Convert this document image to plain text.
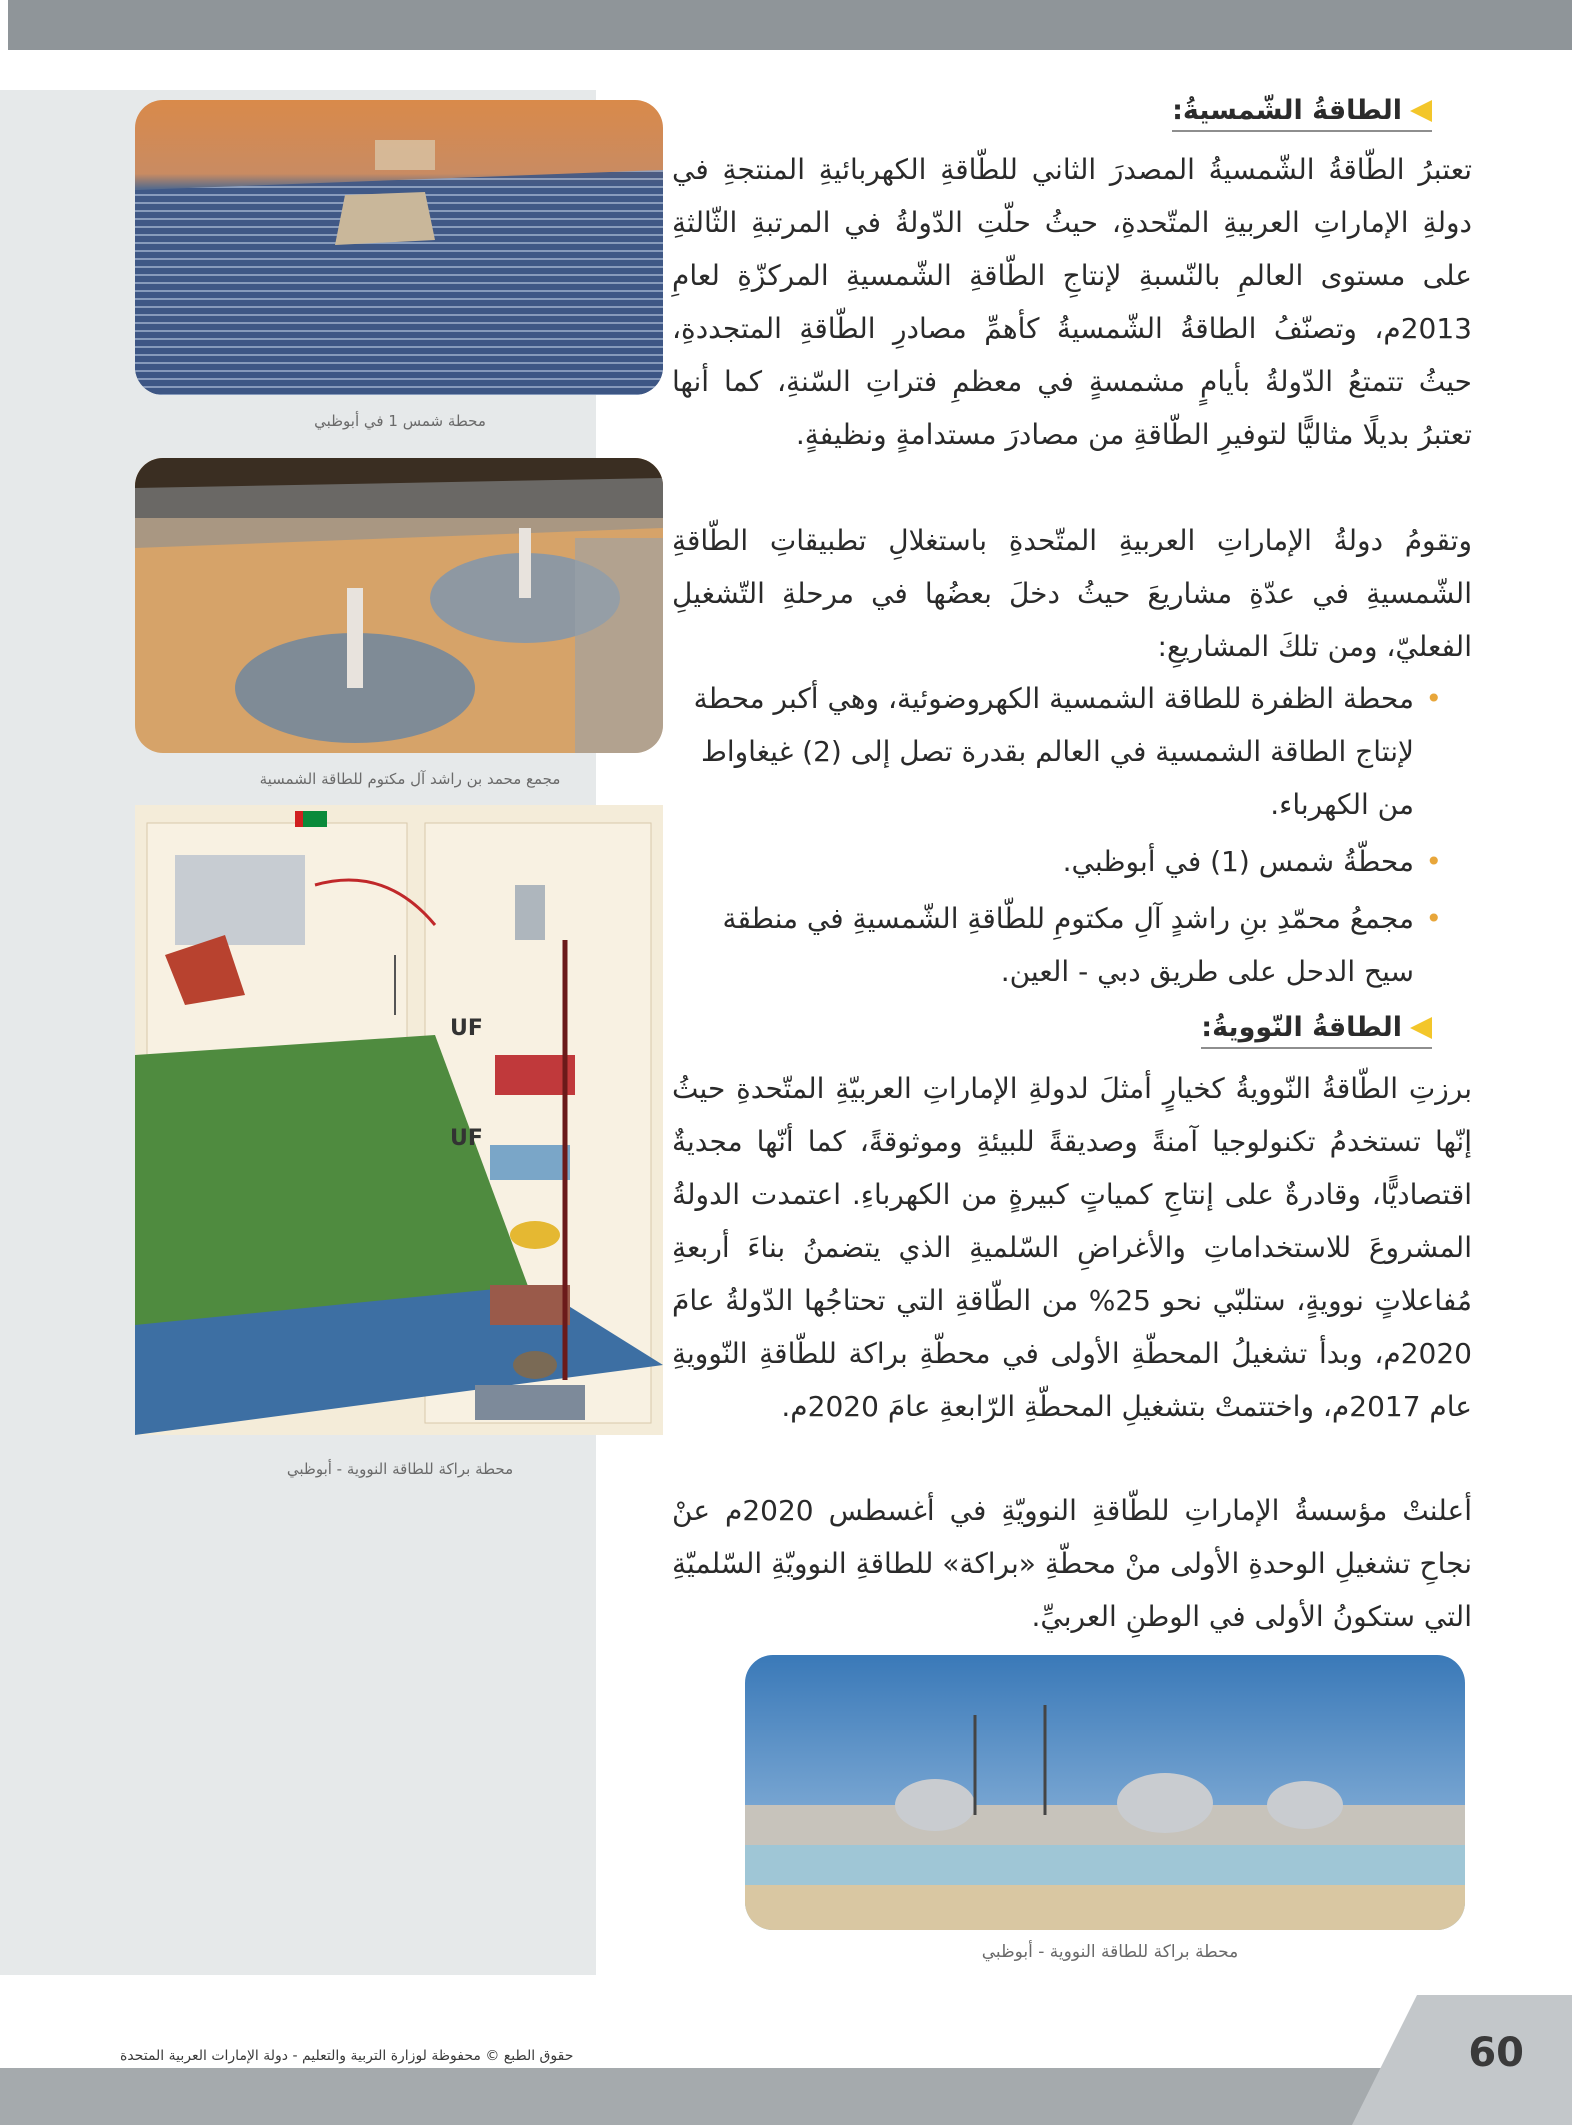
محطة شمس 1 في أبوظبي
مجمع محمد بن راشد آل مكتوم للطاقة الشمسية
UF
UF
محطة براكة للطاقة النووية - أبوظبي
محطة براكة للطاقة النووية - أبوظبي
الطاقةُ الشّمسيةُ:

تعتبرُ الطّاقةُ الشّمسيةُ المصدرَ الثاني للطّاقةِ الكهربائيةِ المنتجةِ في دولةِ الإماراتِ العربيةِ المتّحدةِ، حيثُ حلّتِ الدّولةُ في المرتبةِ الثّالثةِ على مستوى العالمِ بالنّسبةِ لإنتاجِ الطّاقةِ الشّمسيةِ المركزّةِ لعامِ 2013م، وتصنّفُ الطاقةُ الشّمسيةُ كأهمِّ مصادرِ الطّاقةِ المتجددةِ، حيثُ تتمتعُ الدّولةُ بأيامٍ مشمسةٍ في معظمِ فتراتِ السّنةِ، كما أنها تعتبرُ بديلًا مثاليًّا لتوفيرِ الطّاقةِ من مصادرَ مستدامةٍ ونظيفةٍ.

وتقومُ دولةُ الإماراتِ العربيةِ المتّحدةِ باستغلالِ تطبيقاتِ الطّاقةِ الشّمسيةِ في عدّةِ مشاريعَ حيثُ دخلَ بعضُها في مرحلةِ التّشغيلِ الفعليّ، ومن تلكَ المشاريعِ:

•
محطة الظفرة للطاقة الشمسية الكهروضوئية، وهي أكبر محطة لإنتاج الطاقة الشمسية في العالم بقدرة تصل إلى (2) غيغاواط من الكهرباء.
•
محطّةُ شمس (1) في أبوظبي.
•
مجمعُ محمّدِ بنِ راشدٍ آلِ مكتومِ للطّاقةِ الشّمسيةِ في منطقة سيح الدحل على طريق دبي - العين.
الطاقةُ النّوويةُ:

برزتِ الطّاقةُ النّوويةُ كخيارٍ أمثلَ لدولةِ الإماراتِ العربيّةِ المتّحدةِ حيثُ إنّها تستخدمُ تكنولوجيا آمنةً وصديقةً للبيئةِ وموثوقةً، كما أنّها مجديةٌ اقتصاديًّا، وقادرةٌ على إنتاجِ كمياتٍ كبيرةٍ من الكهرباءِ. اعتمدت الدولةُ المشروعَ للاستخداماتِ والأغراضِ السّلميةِ الذي يتضمنُ بناءَ أربعةِ مُفاعلاتٍ نوويةٍ، ستلبّي نحو 25% من الطّاقةِ التي تحتاجُها الدّولةُ عامَ 2020م، وبدأ تشغيلُ المحطّةِ الأولى في محطّةِ براكة للطّاقةِ النّوويةِ عام 2017م، واختتمتْ بتشغيلِ المحطّةِ الرّابعةِ عامَ 2020م.

أعلنتْ مؤسسةُ الإماراتِ للطّاقةِ النوويّةِ في أغسطس 2020م عنْ نجاحِ تشغيلِ الوحدةِ الأولى منْ محطّةِ «براكة» للطاقةِ النوويّةِ السّلميّةِ التي ستكونُ الأولى في الوطنِ العربيِّ.

60
حقوق الطبع © محفوظة لوزارة التربية والتعليم - دولة الإمارات العربية المتحدة
